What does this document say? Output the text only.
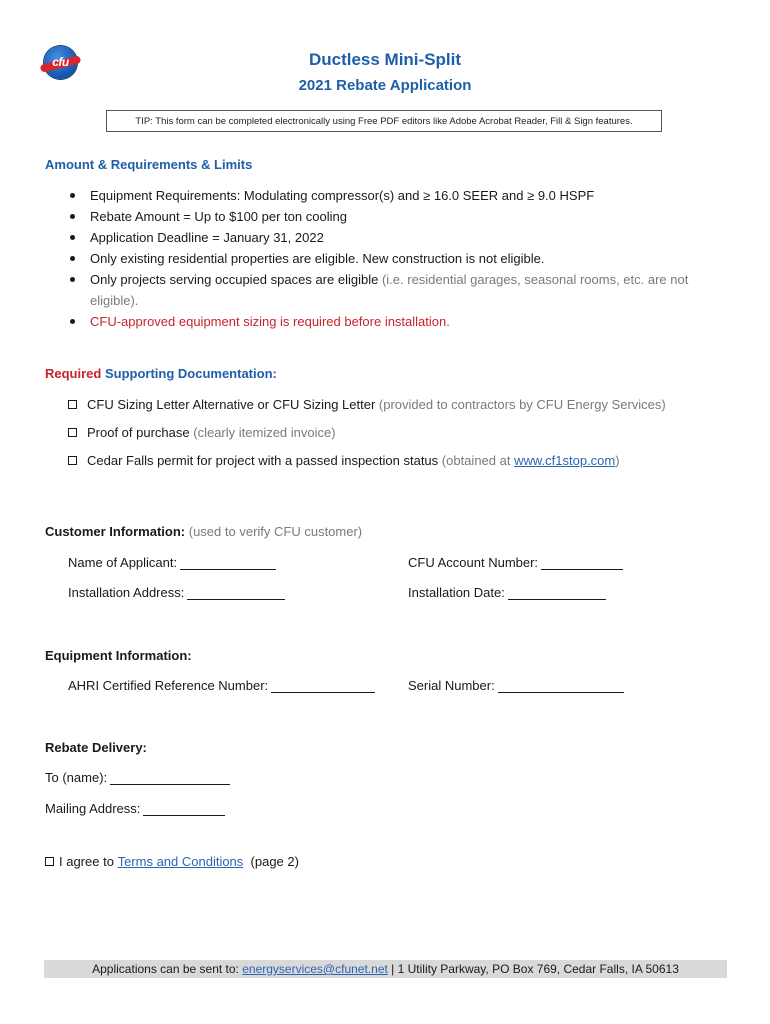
cfu	Ductless Mini-Split
2021 Rebate Application
TIP: This form can be completed electronically using Free PDF editors like Adobe Acrobat Reader, Fill & Sign features.
Amount & Requirements & Limits
Equipment Requirements: Modulating compressor(s) and ≥ 16.0 SEER and ≥ 9.0 HSPF
Rebate Amount = Up to $100 per ton cooling
Application Deadline = January 31, 2022
Only existing residential properties are eligible. New construction is not eligible.
Only projects serving occupied spaces are eligible (i.e. residential garages, seasonal rooms, etc. are not eligible).
CFU-approved equipment sizing is required before installation.
Required Supporting Documentation:
CFU Sizing Letter Alternative or CFU Sizing Letter
(provided to contractors by CFU Energy Services)
Proof of purchase
(clearly itemized invoice)
Cedar Falls permit for project with a passed inspection status
(obtained at
www.cf1stop.com )
Customer Information: (used to verify CFU customer)
Name of Applicant:	CFU Account Number:
Installation Address:	Installation Date:
Equipment Information:
AHRI Certified Reference Number:	Serial Number:
Rebate Delivery:
To (name):
Mailing Address:
I agree to
Terms and Conditions
(page 2)
Applications can be sent to: energyservices@cfunet.net | 1 Utility Parkway, PO Box 769, Cedar Falls, IA 50613
